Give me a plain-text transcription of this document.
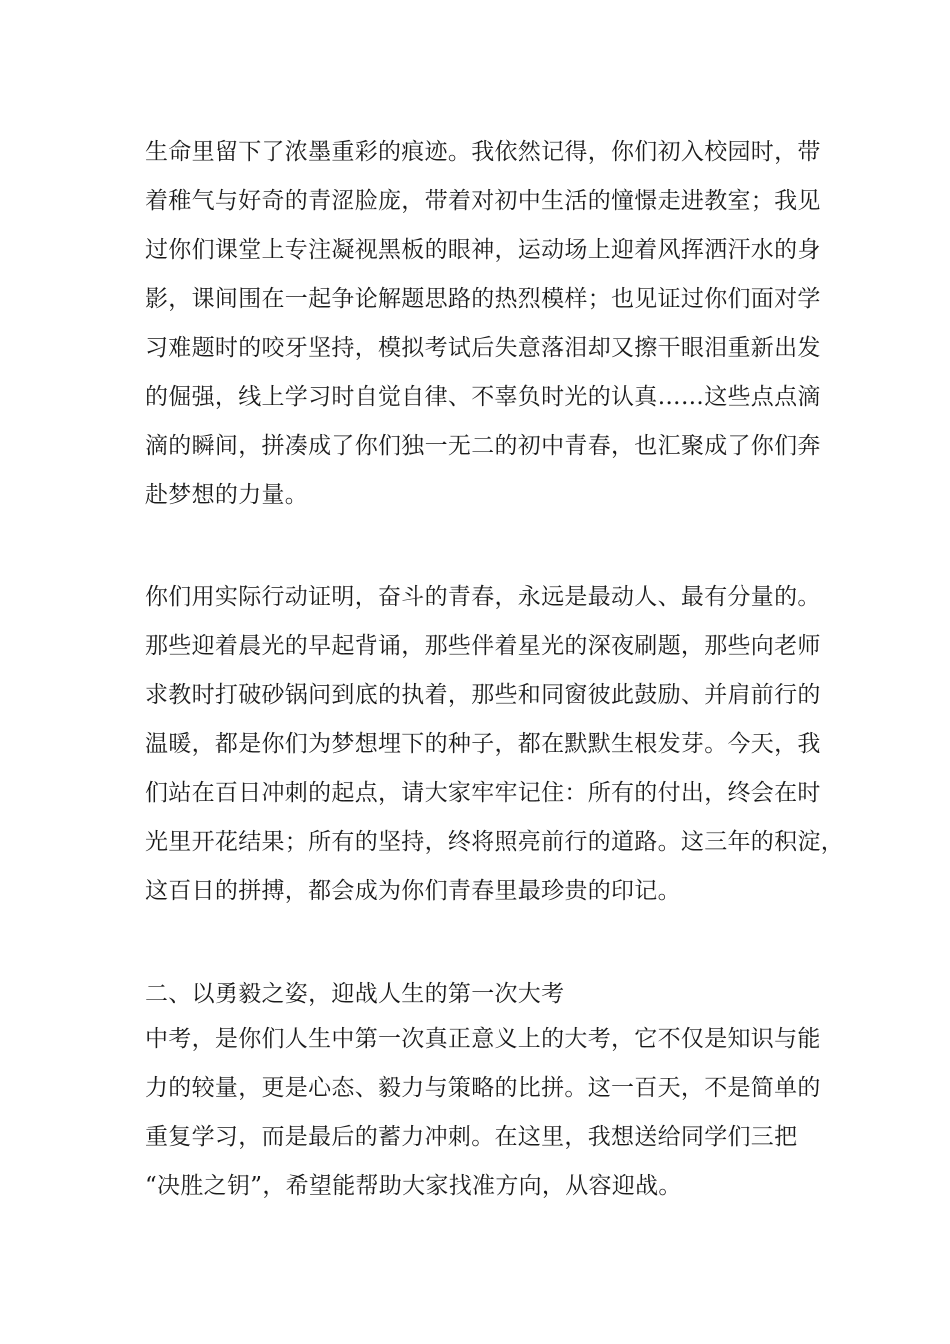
生命里留下了浓墨重彩的痕迹。我依然记得，你们初入校园时，带
着稚气与好奇的青涩脸庞，带着对初中生活的憧憬走进教室；我见
过你们课堂上专注凝视黑板的眼神，运动场上迎着风挥洒汗水的身
影，课间围在一起争论解题思路的热烈模样；也见证过你们面对学
习难题时的咬牙坚持，模拟考试后失意落泪却又擦干眼泪重新出发
的倔强，线上学习时自觉自律、不辜负时光的认真……这些点点滴
滴的瞬间，拼凑成了你们独一无二的初中青春，也汇聚成了你们奔
赴梦想的力量。
你们用实际行动证明，奋斗的青春，永远是最动人、最有分量的。
那些迎着晨光的早起背诵，那些伴着星光的深夜刷题，那些向老师
求教时打破砂锅问到底的执着，那些和同窗彼此鼓励、并肩前行的
温暖，都是你们为梦想埋下的种子，都在默默生根发芽。今天，我
们站在百日冲刺的起点，请大家牢牢记住：所有的付出，终会在时
光里开花结果；所有的坚持，终将照亮前行的道路。这三年的积淀，
这百日的拼搏，都会成为你们青春里最珍贵的印记。
二、以勇毅之姿，迎战人生的第一次大考
中考，是你们人生中第一次真正意义上的大考，它不仅是知识与能
力的较量，更是心态、毅力与策略的比拼。这一百天，不是简单的
重复学习，而是最后的蓄力冲刺。在这里，我想送给同学们三把
“决胜之钥”，希望能帮助大家找准方向，从容迎战。
